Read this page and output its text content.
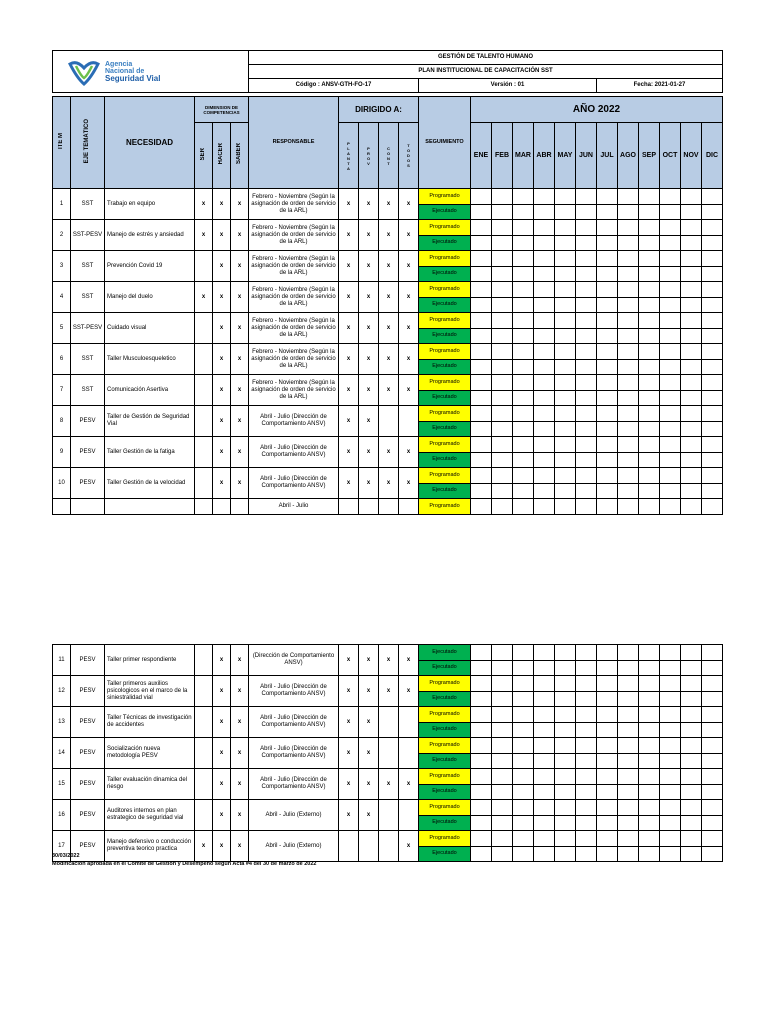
Agencia
Nacional de
Seguridad Vial						GESTIÓN DE TALENTO HUMANO																	
						PLAN INSTITUCIONAL DE CAPACITACIÓN SST																	
						Código : ANSV-GTH-FO-17					Versión : 01							Fecha: 2021-01-27					

ITE M	EJE TEMÁTICO	NECESIDAD	DIMENSION DE COMPETENCIAS			RESPONSABLE	DIRIGIDO A:				SEGUIMIENTO	AÑO 2022											
			SER	HACER	SABER		PLANTA	PROV	CONT	TODOS		ENE	FEB	MAR	ABR	MAY	JUN	JUL	AGO	SEP	OCT	NOV	DIC
1	SST	Trabajo en equipo	x	x	x	Febrero - Noviembre (Según la asignación de orden de servicio de la ARL)	x	x	x	x	Programado												
											Ejecutado												
2	SST-PESV	Manejo de estrés y ansiedad	x	x	x	Febrero - Noviembre (Según la asignación de orden de servicio de la ARL)	x	x	x	x	Programado												
											Ejecutado												
3	SST	Prevención Covid 19		x	x	Febrero - Noviembre (Según la asignación de orden de servicio de la ARL)	x	x	x	x	Programado												
											Ejecutado												
4	SST	Manejo del duelo	x	x	x	Febrero - Noviembre (Según la asignación de orden de servicio de la ARL)	x	x	x	x	Programado												
											Ejecutado												
5	SST-PESV	Cuidado visual		x	x	Febrero - Noviembre (Según la asignación de orden de servicio de la ARL)	x	x	x	x	Programado												
											Ejecutado												
6	SST	Taller Musculoesqueletico		x	x	Febrero - Noviembre (Según la asignación de orden de servicio de la ARL)	x	x	x	x	Programado												
											Ejecutado												
7	SST	Comunicación Asertiva		x	x	Febrero - Noviembre (Según la asignación de orden de servicio de la ARL)	x	x	x	x	Programado												
											Ejecutado												
8	PESV	Taller de Gestión de Seguridad Vial		x	x	Abril - Julio (Dirección de Comportamiento ANSV)	x	x			Programado												
											Ejecutado												
9	PESV	Taller Gestión de la fatiga		x	x	Abril - Julio (Dirección de Comportamiento ANSV)	x	x	x	x	Programado												
											Ejecutado												
10	PESV	Taller Gestión de la velocidad		x	x	Abril - Julio (Dirección de Comportamiento ANSV)	x	x	x	x	Programado												
											Ejecutado												
						Abril - Julio					Programado												
11	PESV	Taller primer respondiente		x	x	(Dirección de Comportamiento ANSV)	x	x	x	x	Ejecutado												
											Ejecutado												
12	PESV	Taller primeros auxilios psicologicos en el marco de la siniestralidad vial		x	x	Abril - Julio (Dirección de Comportamiento ANSV)	x	x	x	x	Programado												
											Ejecutado												
13	PESV	Taller Técnicas de investigación de accidentes		x	x	Abril - Julio (Dirección de Comportamiento ANSV)	x	x			Programado												
											Ejecutado												
14	PESV	Socialización nueva metodología PESV		x	x	Abril - Julio (Dirección de Comportamiento ANSV)	x	x			Programado												
											Ejecutado												
15	PESV	Taller evaluación dinamica del riesgo		x	x	Abril - Julio (Dirección de Comportamiento ANSV)	x	x	x	x	Programado												
											Ejecutado												
16	PESV	Auditores internos en plan estrategico de seguridad vial		x	x	Abril - Julio (Externo)	x	x			Programado												
											Ejecutado												
17	PESV	Manejo defensivo o conducción preventiva teorico practica	x	x	x	Abril - Julio (Externo)				x	Programado												
											Ejecutado												
30/03/2022
Modificación aprobada en el Comité de Gestión y Desempeño según Acta #4 del 30 de marzo de 2022
